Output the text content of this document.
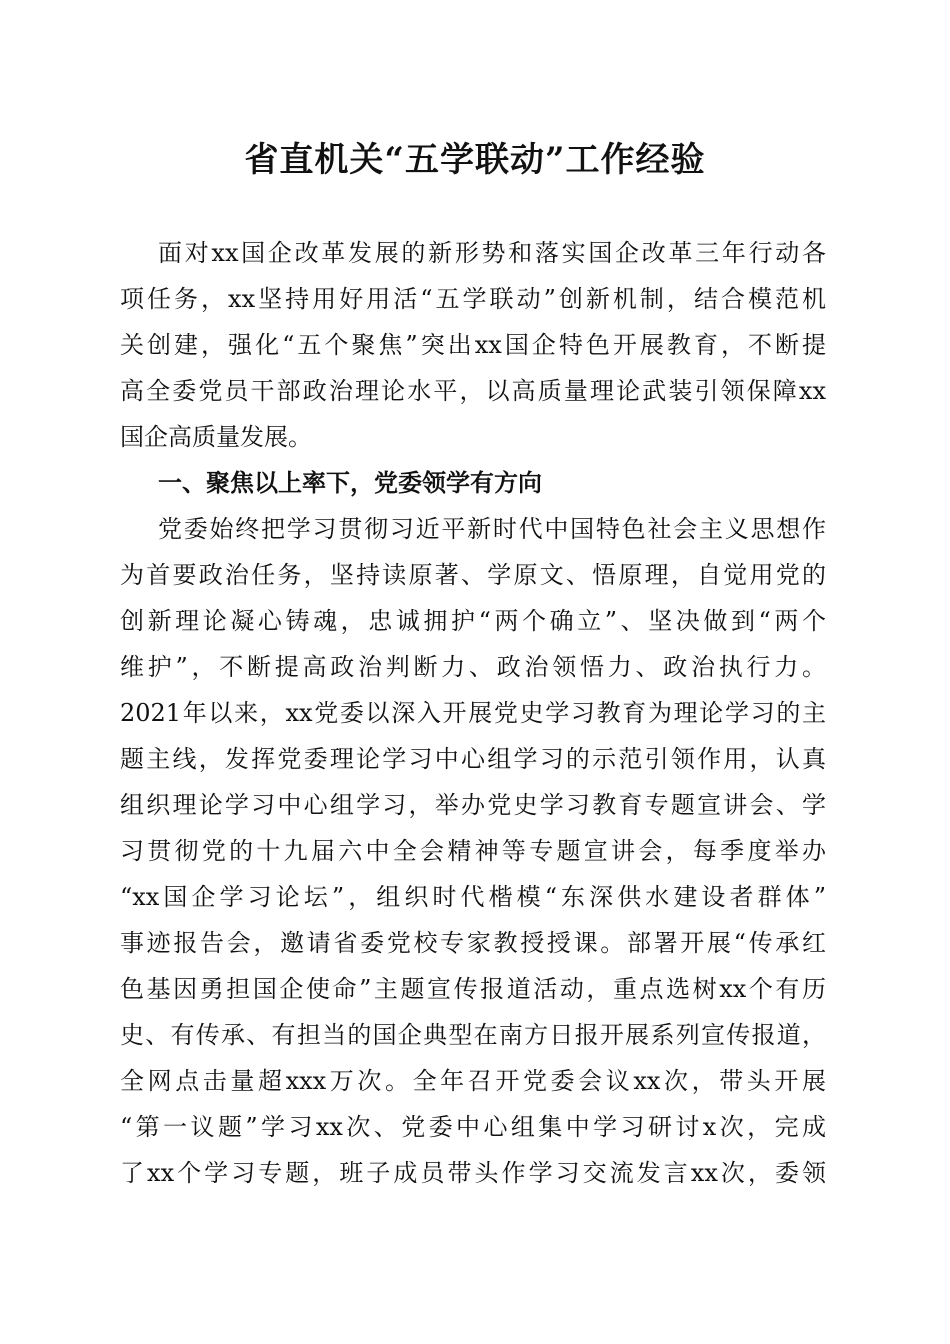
省直机关“五学联动”工作经验
面对xx国企改革发展的新形势和落实国企改革三年行动各
项任务，xx坚持用好用活“五学联动”创新机制，结合模范机
关创建，强化“五个聚焦”突出xx国企特色开展教育，不断提
高全委党员干部政治理论水平，以高质量理论武装引领保障xx
国企高质量发展。
一、聚焦以上率下，党委领学有方向
党委始终把学习贯彻习近平新时代中国特色社会主义思想作
为首要政治任务，坚持读原著、学原文、悟原理，自觉用党的
创新理论凝心铸魂，忠诚拥护“两个确立”、坚决做到“两个
维护”，不断提高政治判断力、政治领悟力、政治执行力。
2021年以来，xx党委以深入开展党史学习教育为理论学习的主
题主线，发挥党委理论学习中心组学习的示范引领作用，认真
组织理论学习中心组学习，举办党史学习教育专题宣讲会、学
习贯彻党的十九届六中全会精神等专题宣讲会，每季度举办
“xx国企学习论坛”，组织时代楷模“东深供水建设者群体”
事迹报告会，邀请省委党校专家教授授课。部署开展“传承红
色基因勇担国企使命”主题宣传报道活动，重点选树xx个有历
史、有传承、有担当的国企典型在南方日报开展系列宣传报道，
全网点击量超xxx万次。全年召开党委会议xx次，带头开展
“第一议题”学习xx次、党委中心组集中学习研讨x次，完成
了xx个学习专题，班子成员带头作学习交流发言xx次，委领
